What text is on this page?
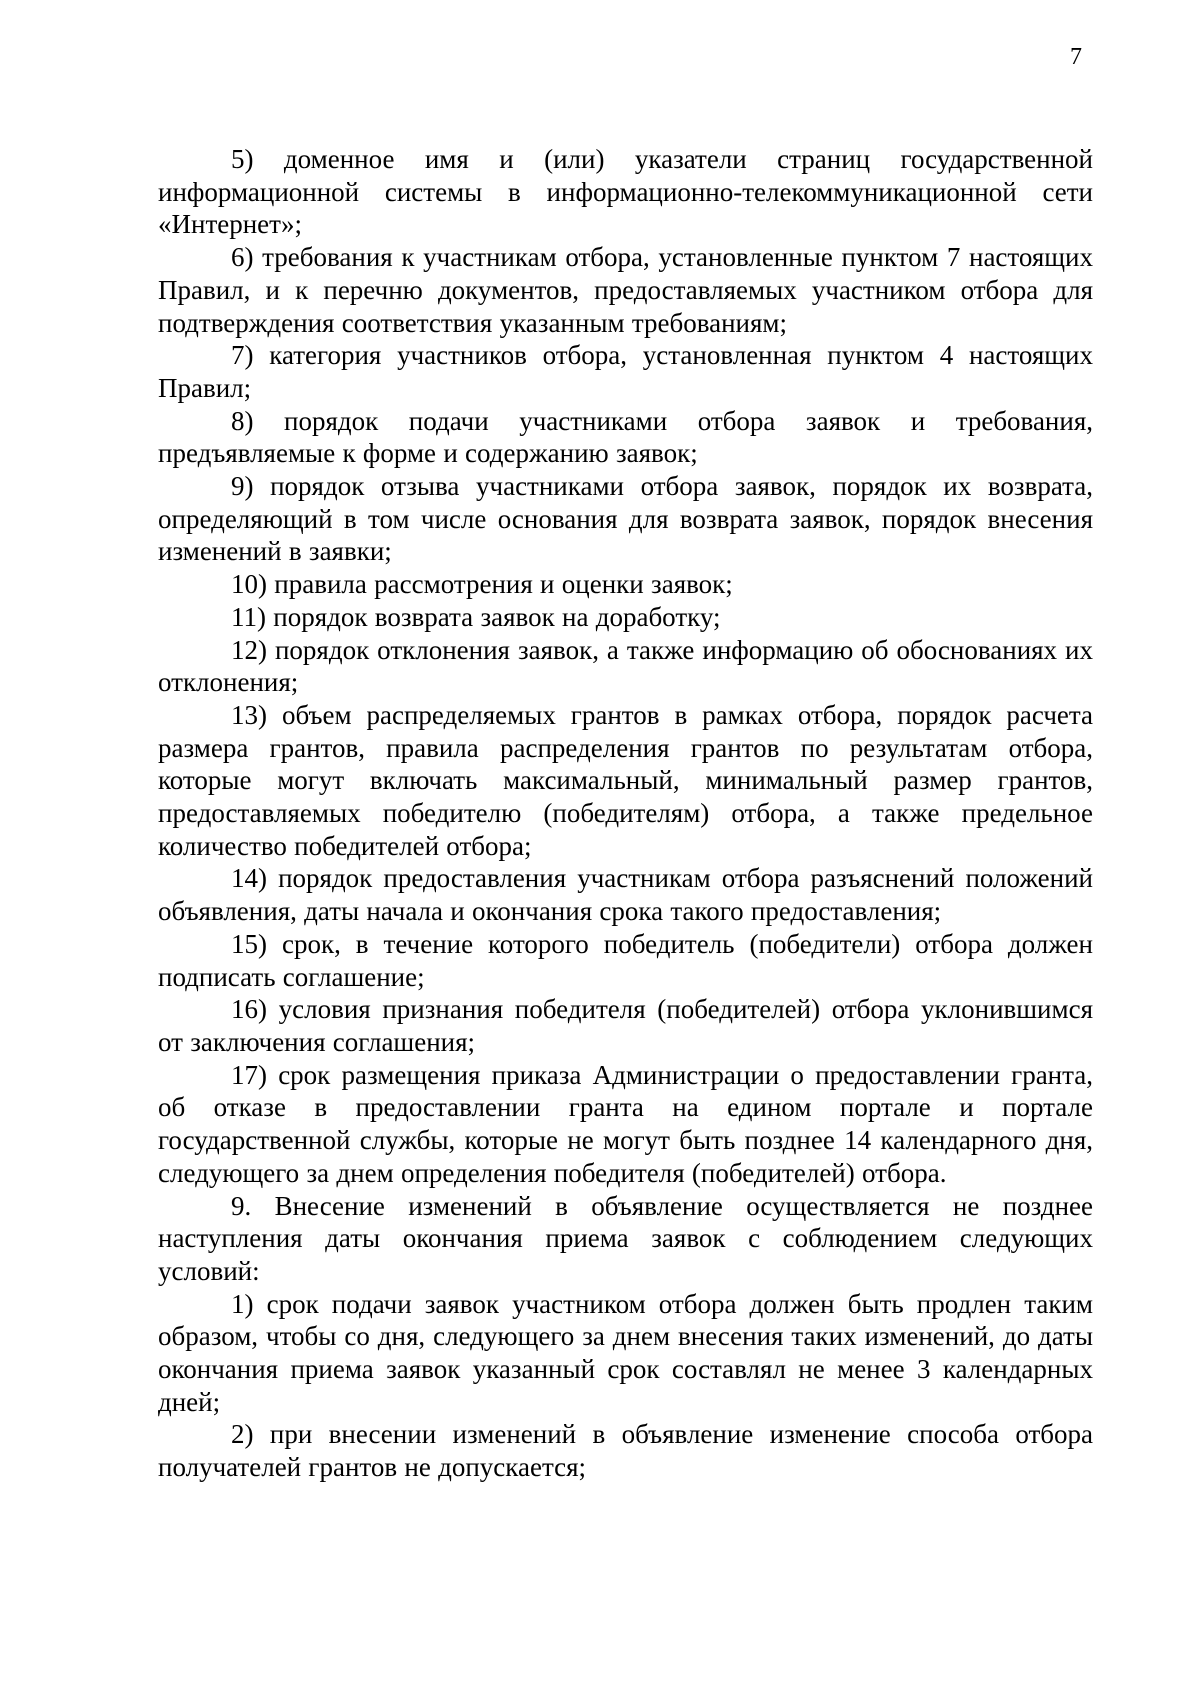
7

5) доменное имя и (или) указатели страниц государственной информационной системы в информационно-телекоммуникационной сети «Интернет»;

6) требования к участникам отбора, установленные пунктом 7 настоящих Правил, и к перечню документов, предоставляемых участником отбора для подтверждения соответствия указанным требованиям;

7) категория участников отбора, установленная пунктом 4 настоящих Правил;

8) порядок подачи участниками отбора заявок и требования, предъявляемые к форме и содержанию заявок;

9) порядок отзыва участниками отбора заявок, порядок их возврата, определяющий в том числе основания для возврата заявок, порядок внесения изменений в заявки;

10) правила рассмотрения и оценки заявок;

11) порядок возврата заявок на доработку;

12) порядок отклонения заявок, а также информацию об обоснованиях их отклонения;

13) объем распределяемых грантов в рамках отбора, порядок расчета размера грантов, правила распределения грантов по результатам отбора, которые могут включать максимальный, минимальный размер грантов, предоставляемых победителю (победителям) отбора, а также предельное количество победителей отбора;

14) порядок предоставления участникам отбора разъяснений положений объявления, даты начала и окончания срока такого предоставления;

15) срок, в течение которого победитель (победители) отбора должен подписать соглашение;

16) условия признания победителя (победителей) отбора уклонившимся от заключения соглашения;

17) срок размещения приказа Администрации о предоставлении гранта, об отказе в предоставлении гранта на едином портале и портале государственной службы, которые не могут быть позднее 14 календарного дня, следующего за днем определения победителя (победителей) отбора.

9. Внесение изменений в объявление осуществляется не позднее наступления даты окончания приема заявок с соблюдением следующих условий:

1) срок подачи заявок участником отбора должен быть продлен таким образом, чтобы со дня, следующего за днем внесения таких изменений, до даты окончания приема заявок указанный срок составлял не менее 3 календарных дней;

2) при внесении изменений в объявление изменение способа отбора получателей грантов не допускается;
